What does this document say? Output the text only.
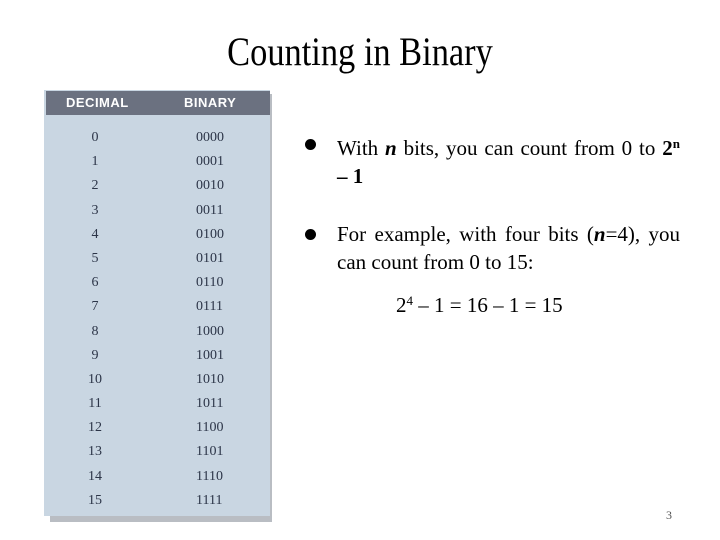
Counting in Binary
DECIMAL	BINARY
0	0000
1	0001
2	0010
3	0011
4	0100
5	0101
6	0110
7	0111
8	1000
9	1001
10	1010
11	1011
12	1100
13	1101
14	1110
15	1111
With n bits, you can count from 0 to 2$^n$ – 1
For example, with four bits (n=4), you can count from 0 to 15:
$2^4 - 1 = 16 - 1 = 15$
3
